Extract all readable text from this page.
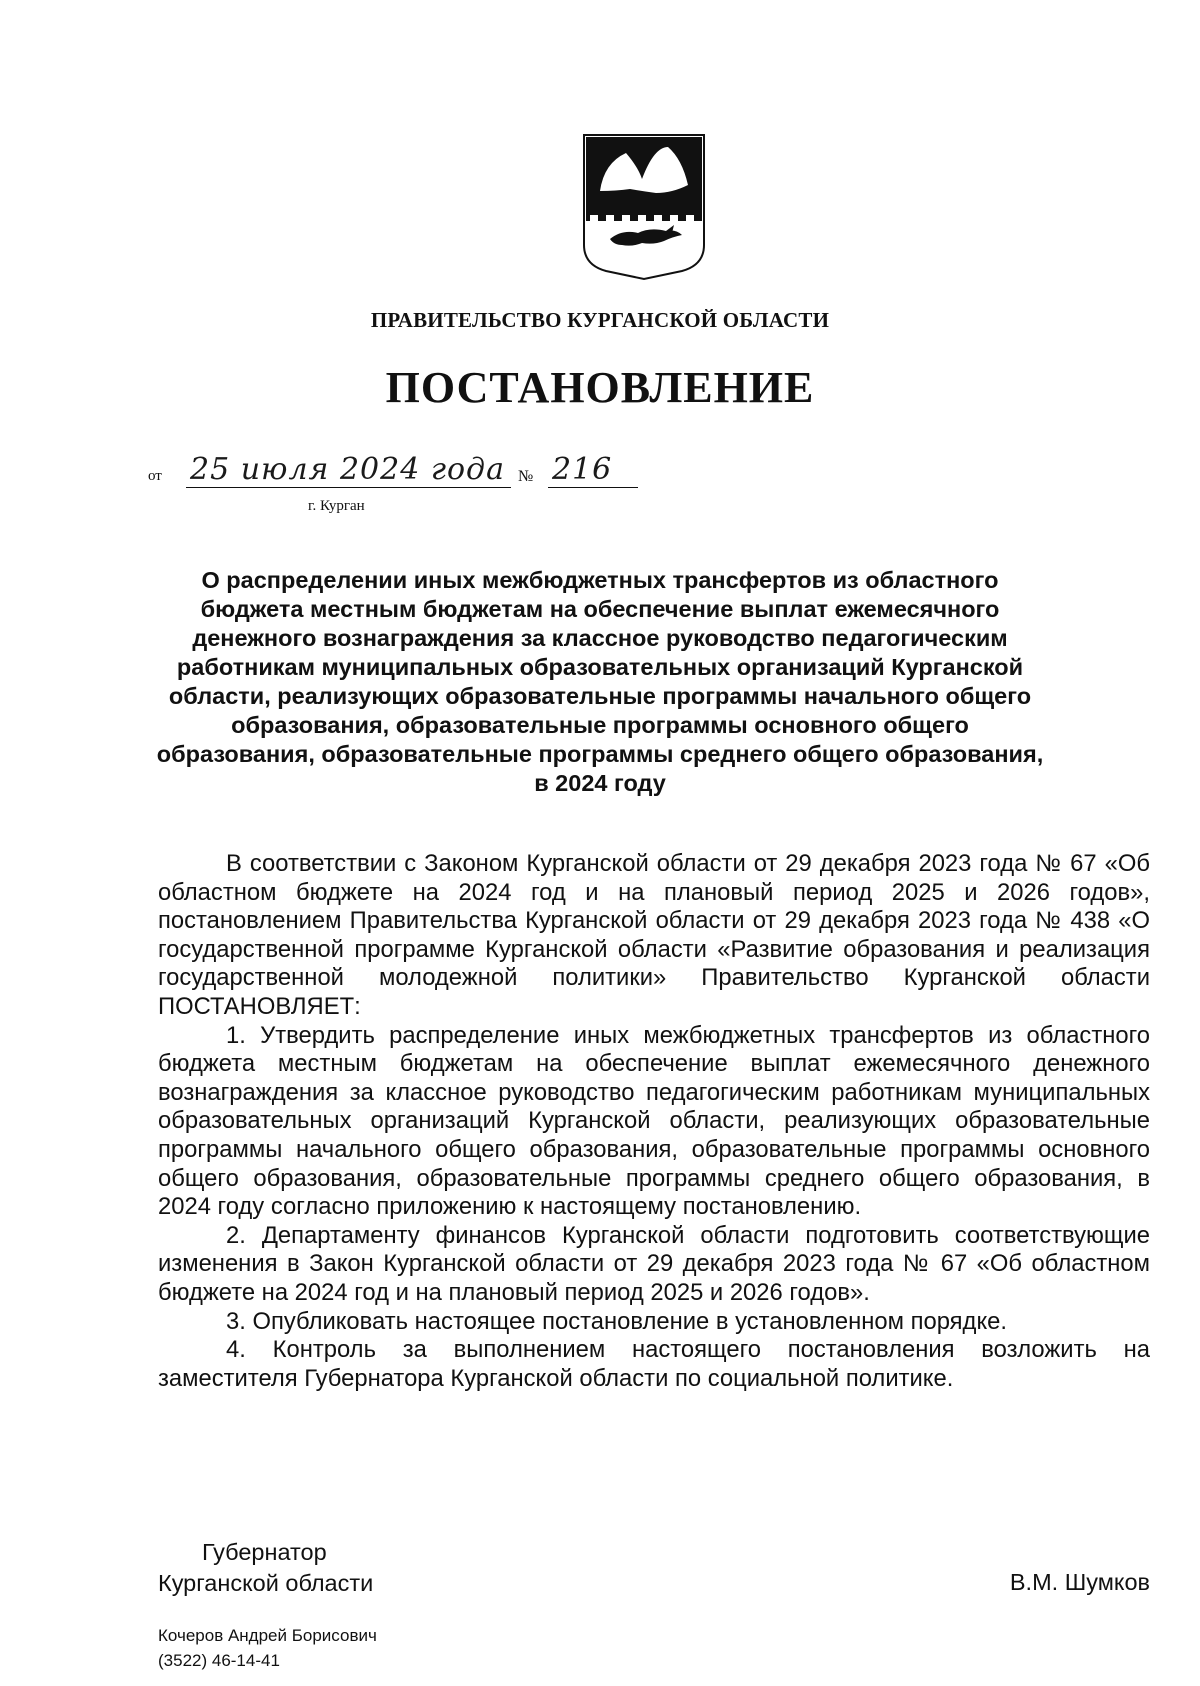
ПРАВИТЕЛЬСТВО КУРГАНСКОЙ ОБЛАСТИ
ПОСТАНОВЛЕНИЕ
от 25 июля 2024 года № 216
г. Курган
О распределении иных межбюджетных трансфертов из областного бюджета местным бюджетам на обеспечение выплат ежемесячного денежного вознаграждения за классное руководство педагогическим работникам муниципальных образовательных организаций Курганской области, реализующих образовательные программы начального общего образования, образовательные программы основного общего образования, образовательные программы среднего общего образования, в 2024 году

В соответствии с Законом Курганской области от 29 декабря 2023 года № 67 «Об областном бюджете на 2024 год и на плановый период 2025 и 2026 годов», постановлением Правительства Курганской области от 29 декабря 2023 года № 438 «О государственной программе Курганской области «Развитие образования и реализация государственной молодежной политики» Правительство Курганской области ПОСТАНОВЛЯЕТ:

1. Утвердить распределение иных межбюджетных трансфертов из областного бюджета местным бюджетам на обеспечение выплат ежемесячного денежного вознаграждения за классное руководство педагогическим работникам муниципальных образовательных организаций Курганской области, реализующих образовательные программы начального общего образования, образовательные программы основного общего образования, образовательные программы среднего общего образования, в 2024 году согласно приложению к настоящему постановлению.

2. Департаменту финансов Курганской области подготовить соответствующие изменения в Закон Курганской области от 29 декабря 2023 года № 67 «Об областном бюджете на 2024 год и на плановый период 2025 и 2026 годов».

3. Опубликовать настоящее постановление в установленном порядке.

4. Контроль за выполнением настоящего постановления возложить на заместителя Губернатора Курганской области по социальной политике.

Губернатор
Курганской области	В.М. Шумков
Кочеров Андрей Борисович
(3522) 46-14-41
